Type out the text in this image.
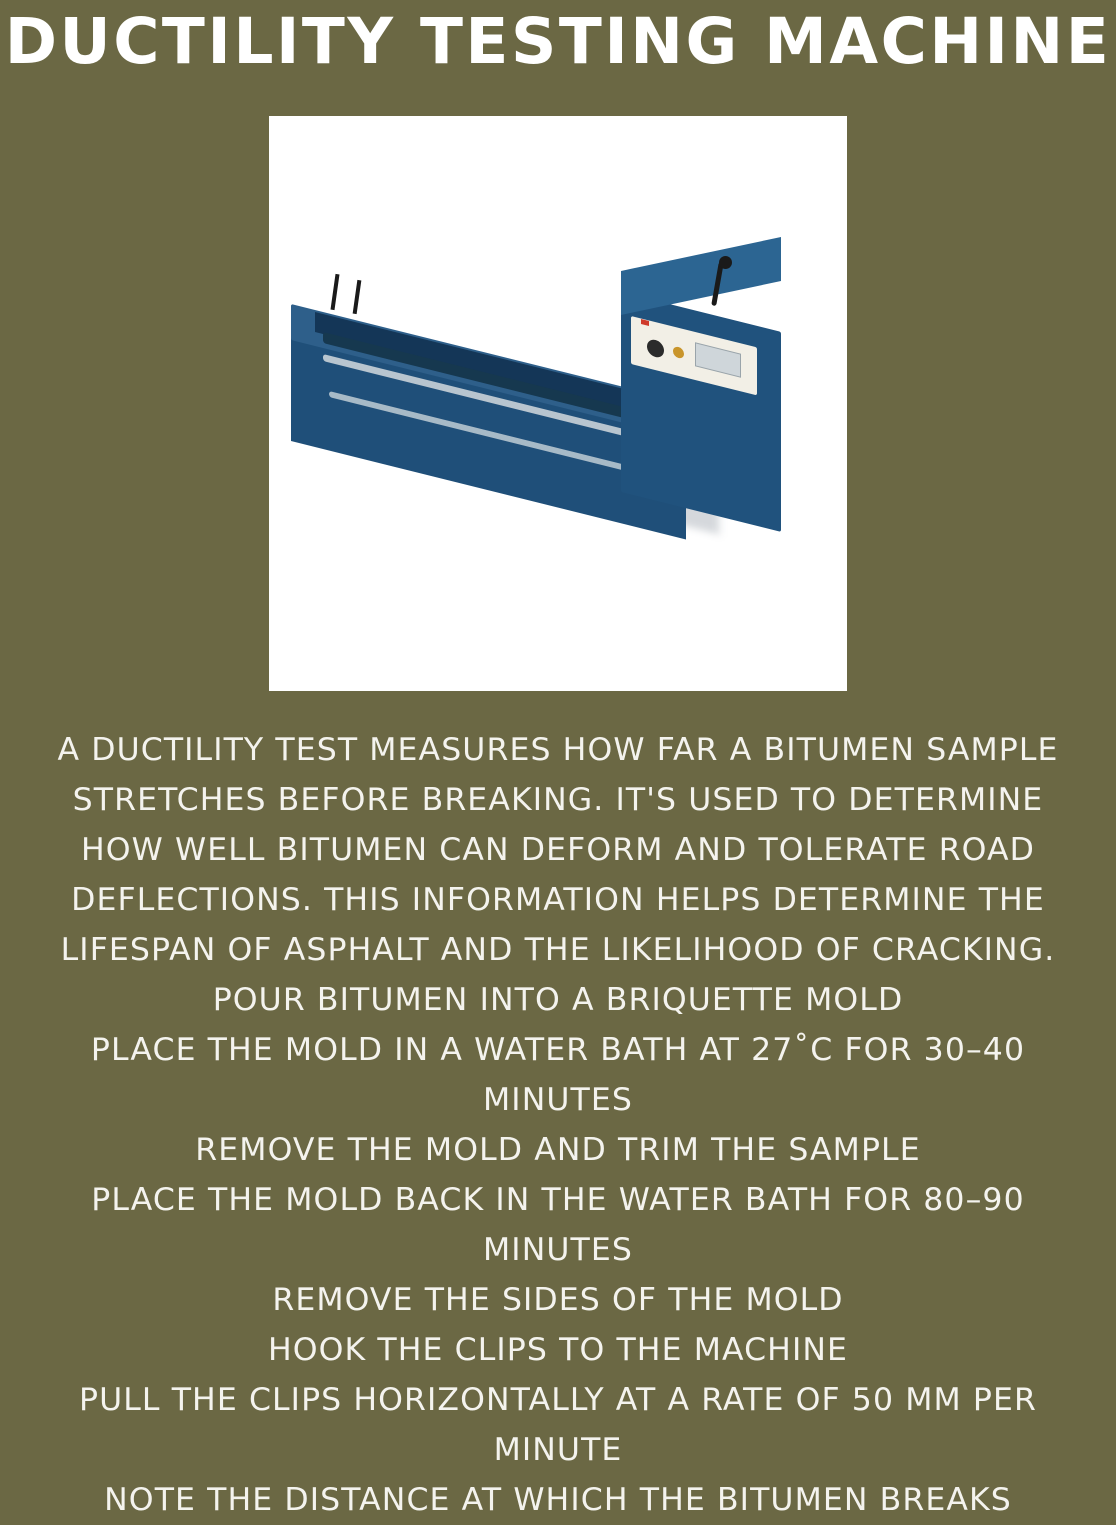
DUCTILITY TESTING MACHINE
A DUCTILITY TEST MEASURES HOW FAR A BITUMEN SAMPLE STRETCHES BEFORE BREAKING. IT'S USED TO DETERMINE HOW WELL BITUMEN CAN DEFORM AND TOLERATE ROAD DEFLECTIONS. THIS INFORMATION HELPS DETERMINE THE LIFESPAN OF ASPHALT AND THE LIKELIHOOD OF CRACKING.
POUR BITUMEN INTO A BRIQUETTE MOLD
PLACE THE MOLD IN A WATER BATH AT 27˚C FOR 30–40 MINUTES
REMOVE THE MOLD AND TRIM THE SAMPLE
PLACE THE MOLD BACK IN THE WATER BATH FOR 80–90 MINUTES
REMOVE THE SIDES OF THE MOLD
HOOK THE CLIPS TO THE MACHINE
PULL THE CLIPS HORIZONTALLY AT A RATE OF 50 MM PER MINUTE
NOTE THE DISTANCE AT WHICH THE BITUMEN BREAKS
